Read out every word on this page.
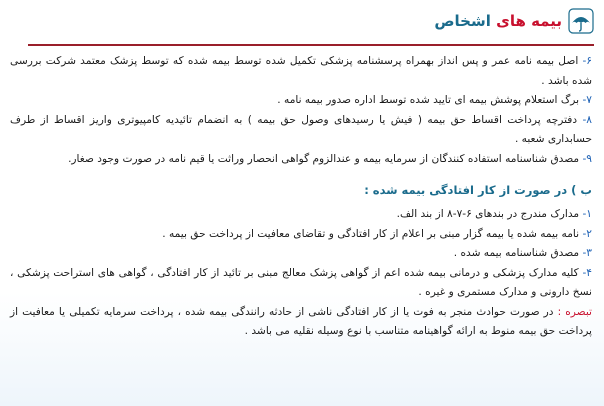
بیمه های اشخاص

۶- اصل بیمه نامه عمر و پس انداز بهمراه پرسشنامه پزشکی تکمیل شده توسط بیمه شده که توسط پزشک معتمد شرکت بررسی شده باشد .

۷- برگ استعلام پوشش بیمه ای تایید شده توسط اداره صدور بیمه نامه .

۸- دفترچه پرداخت اقساط حق بیمه ( فیش یا رسیدهای وصول حق بیمه ) به انضمام تائیدیه کامپیوتری واریز اقساط از طرف حسابداری شعبه .

۹- مصدق شناسنامه استفاده کنندگان از سرمایه بیمه و عندالزوم گواهی انحصار وراثت یا قیم نامه در صورت وجود صغار.

ب ) در صورت از کار افتادگی بیمه شده :

۱- مدارک مندرج در بندهای ۶-۷-۸ از بند الف.

۲- نامه بیمه شده یا بیمه گزار مبنی بر اعلام از کار افتادگی و تقاضای معافیت از پرداخت حق بیمه .

۳- مصدق شناسنامه بیمه شده .

۴- کلیه مدارک پزشکی و درمانی بیمه شده اعم از گواهی پزشک معالج مبنی بر تائید از کار افتادگی ، گواهی های استراحت پزشکی ، نسخ دارونی و مدارک مستمری و غیره .

تبصره : در صورت حوادث منجر به فوت یا از کار افتادگی ناشی از حادثه رانندگی بیمه شده ، پرداخت سرمایه تکمیلی یا معافیت از پرداخت حق بیمه منوط به ارائه گواهینامه متناسب با نوع وسیله نقلیه می باشد .
